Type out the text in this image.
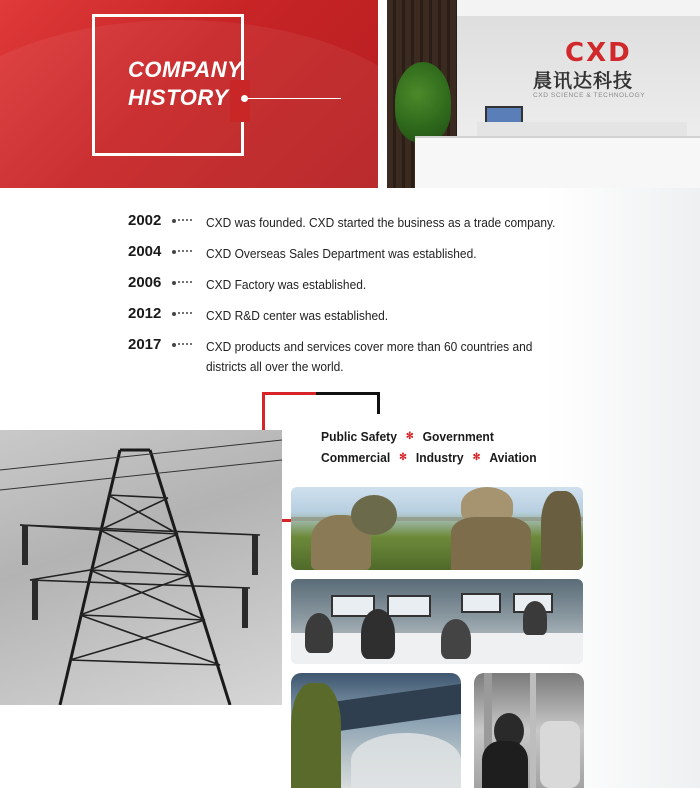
COMPANY
HISTORY
CXD
晨讯达科技
CXD SCIENCE & TECHNOLOGY
2002	CXD was founded. CXD started the business as a trade company.
2004	CXD Overseas Sales Department was established.
2006	CXD Factory was established.
2012	CXD R&D center was established.
2017	CXD products and services cover more than 60 countries and districts all over the world.
Public Safety ✻ Government
Commercial ✻ Industry ✻ Aviation
